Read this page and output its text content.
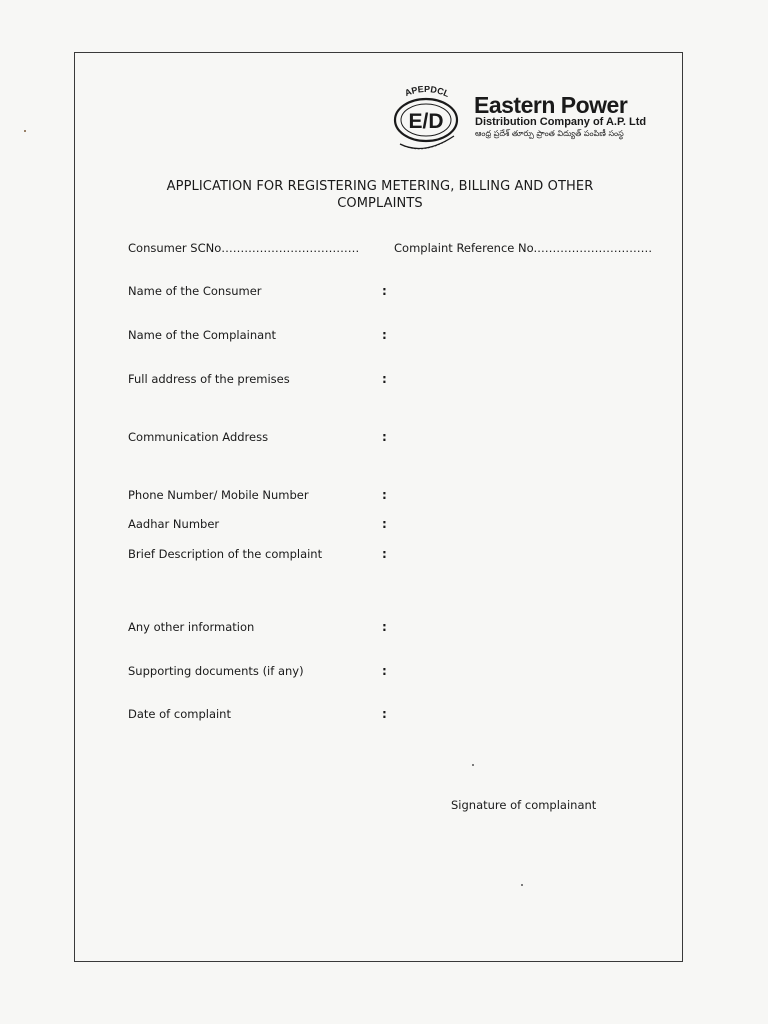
E/D
APEPDCL Eastern Power
Distribution Company of A.P. Ltd
ఆంధ్ర ప్రదేశ్ తూర్పు ప్రాంత విద్యుత్ పంపిణీ సంస్థ
APPLICATION FOR REGISTERING METERING, BILLING AND OTHER
COMPLAINTS
Consumer SCNo………………………………	Complaint Reference No.…………………………
Name of the Consumer	:
Name of the Complainant	:
Full address of the premises	:
Communication Address	:
Phone Number/ Mobile Number	:
Aadhar Number	:
Brief Description of the complaint	:
Any other information	:
Supporting documents (if any)	:
Date of complaint	:
Signature of complainant
